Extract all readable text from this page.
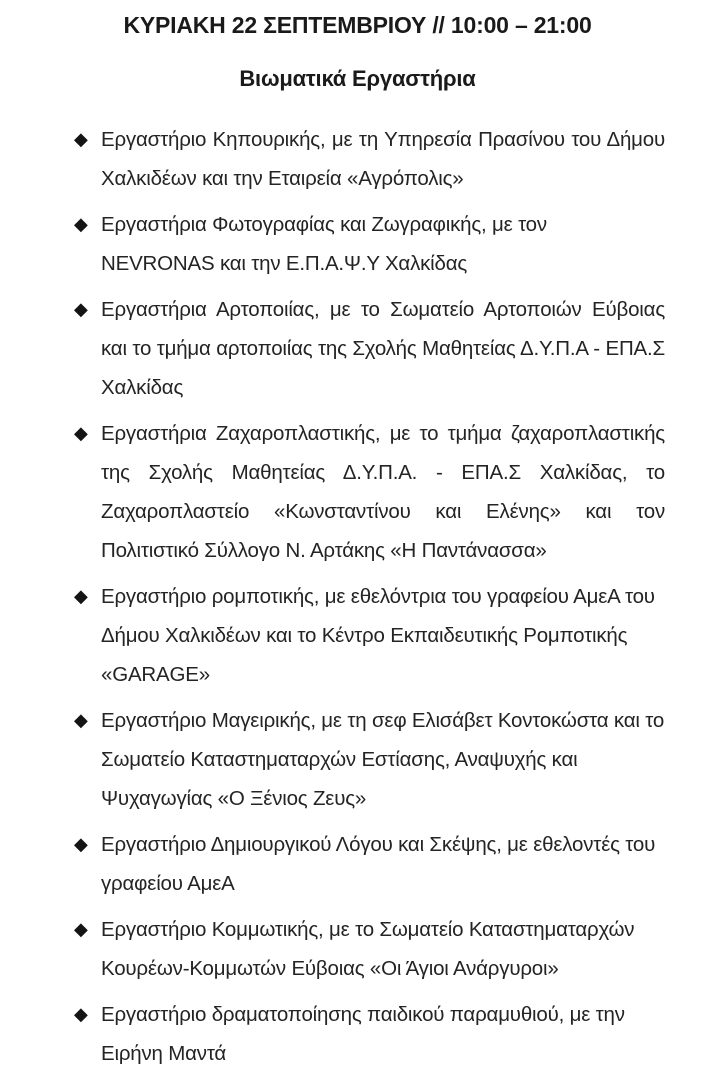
ΚΥΡΙΑΚΗ 22 ΣΕΠΤΕΜΒΡΙΟΥ // 10:00 – 21:00
Βιωματικά Εργαστήρια
◆ Εργαστήριο Κηπουρικής, με τη Υπηρεσία Πρασίνου του Δήμου Χαλκιδέων και την Εταιρεία «Αγρόπολις»
◆ Εργαστήρια Φωτογραφίας και Ζωγραφικής, με τον NEVRONAS και την Ε.Π.Α.Ψ.Υ Χαλκίδας
◆ Εργαστήρια Αρτοποιίας, με το Σωματείο Αρτοποιών Εύβοιας και το τμήμα αρτοποιίας της Σχολής Μαθητείας Δ.Υ.Π.Α - ΕΠΑ.Σ Χαλκίδας
◆ Εργαστήρια Ζαχαροπλαστικής, με το τμήμα ζαχαροπλαστικής της Σχολής Μαθητείας Δ.Υ.Π.Α. - ΕΠΑ.Σ Χαλκίδας, το Ζαχαροπλαστείο «Κωνσταντίνου και Ελένης» και τον Πολιτιστικό Σύλλογο Ν. Αρτάκης «Η Παντάνασσα»
◆ Εργαστήριο ρομποτικής, με εθελόντρια του γραφείου ΑμεΑ του Δήμου Χαλκιδέων και το Κέντρο Εκπαιδευτικής Ρομποτικής «GARAGE»
◆ Εργαστήριο Μαγειρικής, με τη σεφ Ελισάβετ Κοντοκώστα και το Σωματείο Καταστηματαρχών Εστίασης, Αναψυχής και Ψυχαγωγίας «Ο Ξένιος Ζευς»
◆ Εργαστήριο Δημιουργικού Λόγου και Σκέψης, με εθελοντές του γραφείου ΑμεΑ
◆ Εργαστήριο Κομμωτικής, με το Σωματείο Καταστηματαρχών Κουρέων-Κομμωτών Εύβοιας «Οι Άγιοι Ανάργυροι»
◆ Εργαστήριο δραματοποίησης παιδικού παραμυθιού, με την Ειρήνη Μαντά
